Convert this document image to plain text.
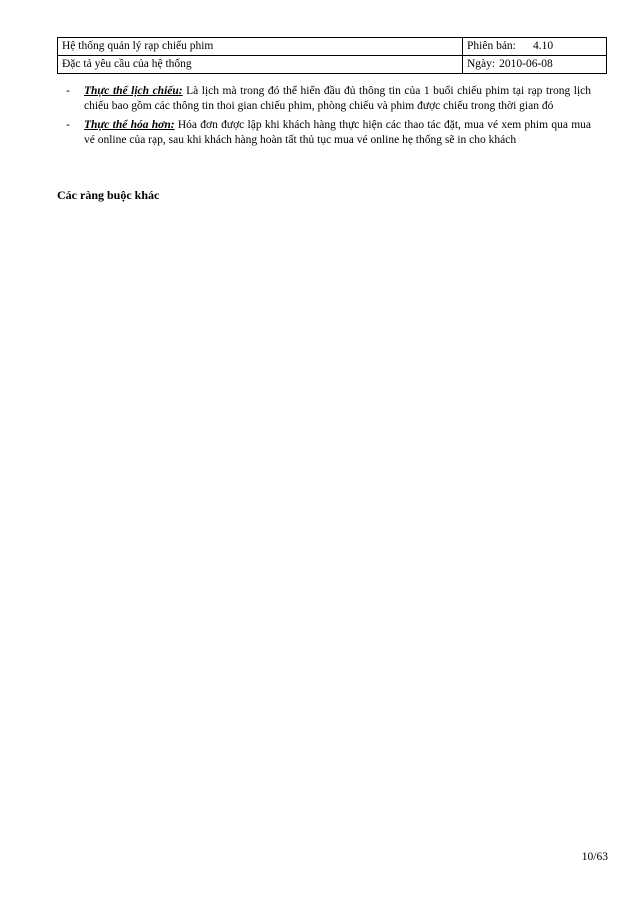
Hệ thống quản lý rạp chiếu phim	Phiên bản: 4.10
Đặc tả yêu cầu của hệ thống	Ngày: 2010-06-08
- Thực thể lịch chiếu: Là lịch mà trong đó thể hiển đầu đủ thông tin của 1 buổi chiếu phim tại rạp trong lịch chiếu bao gồm các thông tin thoi gian chiếu phim, phòng chiếu và phim được chiếu trong thời gian đó
- Thực thể hóa hơn: Hóa đơn được lập khi khách hàng thực hiện các thao tác đặt, mua vé xem phim qua mua vé online của rạp, sau khi khách hàng hoàn tất thủ tục mua vé online hẹ thống sẽ in cho khách
Các ràng buộc khác
10/63
